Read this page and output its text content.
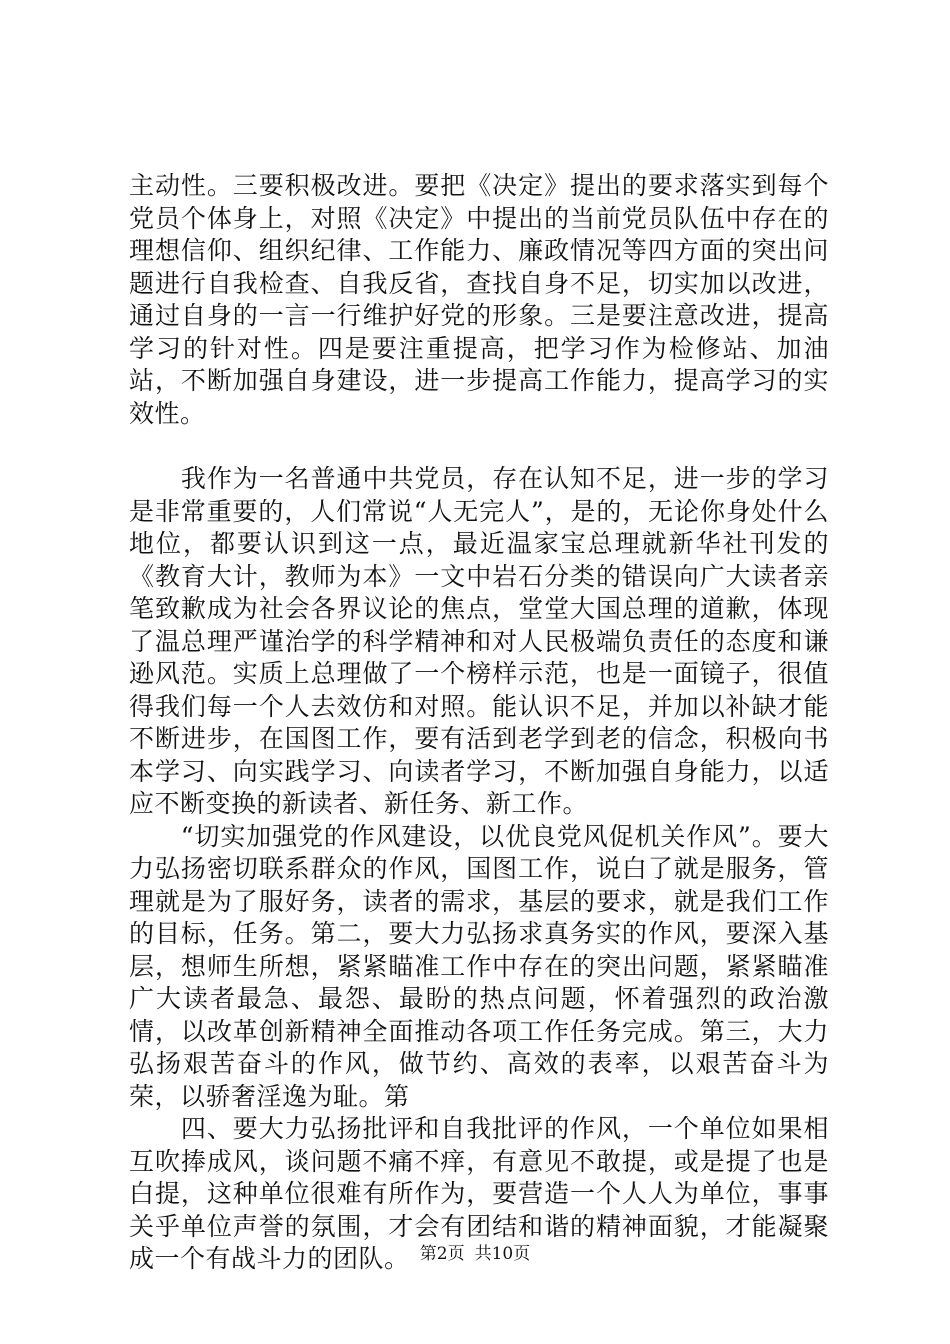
主动性。三要积极改进。要把《决定》提出的要求落实到每个党员个体身上，对照《决定》中提出的当前党员队伍中存在的理想信仰、组织纪律、工作能力、廉政情况等四方面的突出问题进行自我检查、自我反省，查找自身不足，切实加以改进，通过自身的一言一行维护好党的形象。三是要注意改进，提高学习的针对性。四是要注重提高，把学习作为检修站、加油站，不断加强自身建设，进一步提高工作能力，提高学习的实效性。

　　我作为一名普通中共党员，存在认知不足，进一步的学习是非常重要的，人们常说“人无完人”，是的，无论你身处什么地位，都要认识到这一点，最近温家宝总理就新华社刊发的《教育大计，教师为本》一文中岩石分类的错误向广大读者亲笔致歉成为社会各界议论的焦点，堂堂大国总理的道歉，体现了温总理严谨治学的科学精神和对人民极端负责任的态度和谦逊风范。实质上总理做了一个榜样示范，也是一面镜子，很值得我们每一个人去效仿和对照。能认识不足，并加以补缺才能不断进步，在国图工作，要有活到老学到老的信念，积极向书本学习、向实践学习、向读者学习，不断加强自身能力，以适应不断变换的新读者、新任务、新工作。

　　“切实加强党的作风建设，以优良党风促机关作风”。要大力弘扬密切联系群众的作风，国图工作，说白了就是服务，管理就是为了服好务，读者的需求，基层的要求，就是我们工作的目标，任务。第二，要大力弘扬求真务实的作风，要深入基层，想师生所想，紧紧瞄准工作中存在的突出问题，紧紧瞄准广大读者最急、最怨、最盼的热点问题，怀着强烈的政治激情，以改革创新精神全面推动各项工作任务完成。第三，大力弘扬艰苦奋斗的作风，做节约、高效的表率，以艰苦奋斗为荣，以骄奢淫逸为耻。第

　　四、要大力弘扬批评和自我批评的作风，一个单位如果相互吹捧成风，谈问题不痛不痒，有意见不敢提，或是提了也是白提，这种单位很难有所作为，要营造一个人人为单位，事事关乎单位声誉的氛围，才会有团结和谐的精神面貌，才能凝聚成一个有战斗力的团队。 第2页 共10页
